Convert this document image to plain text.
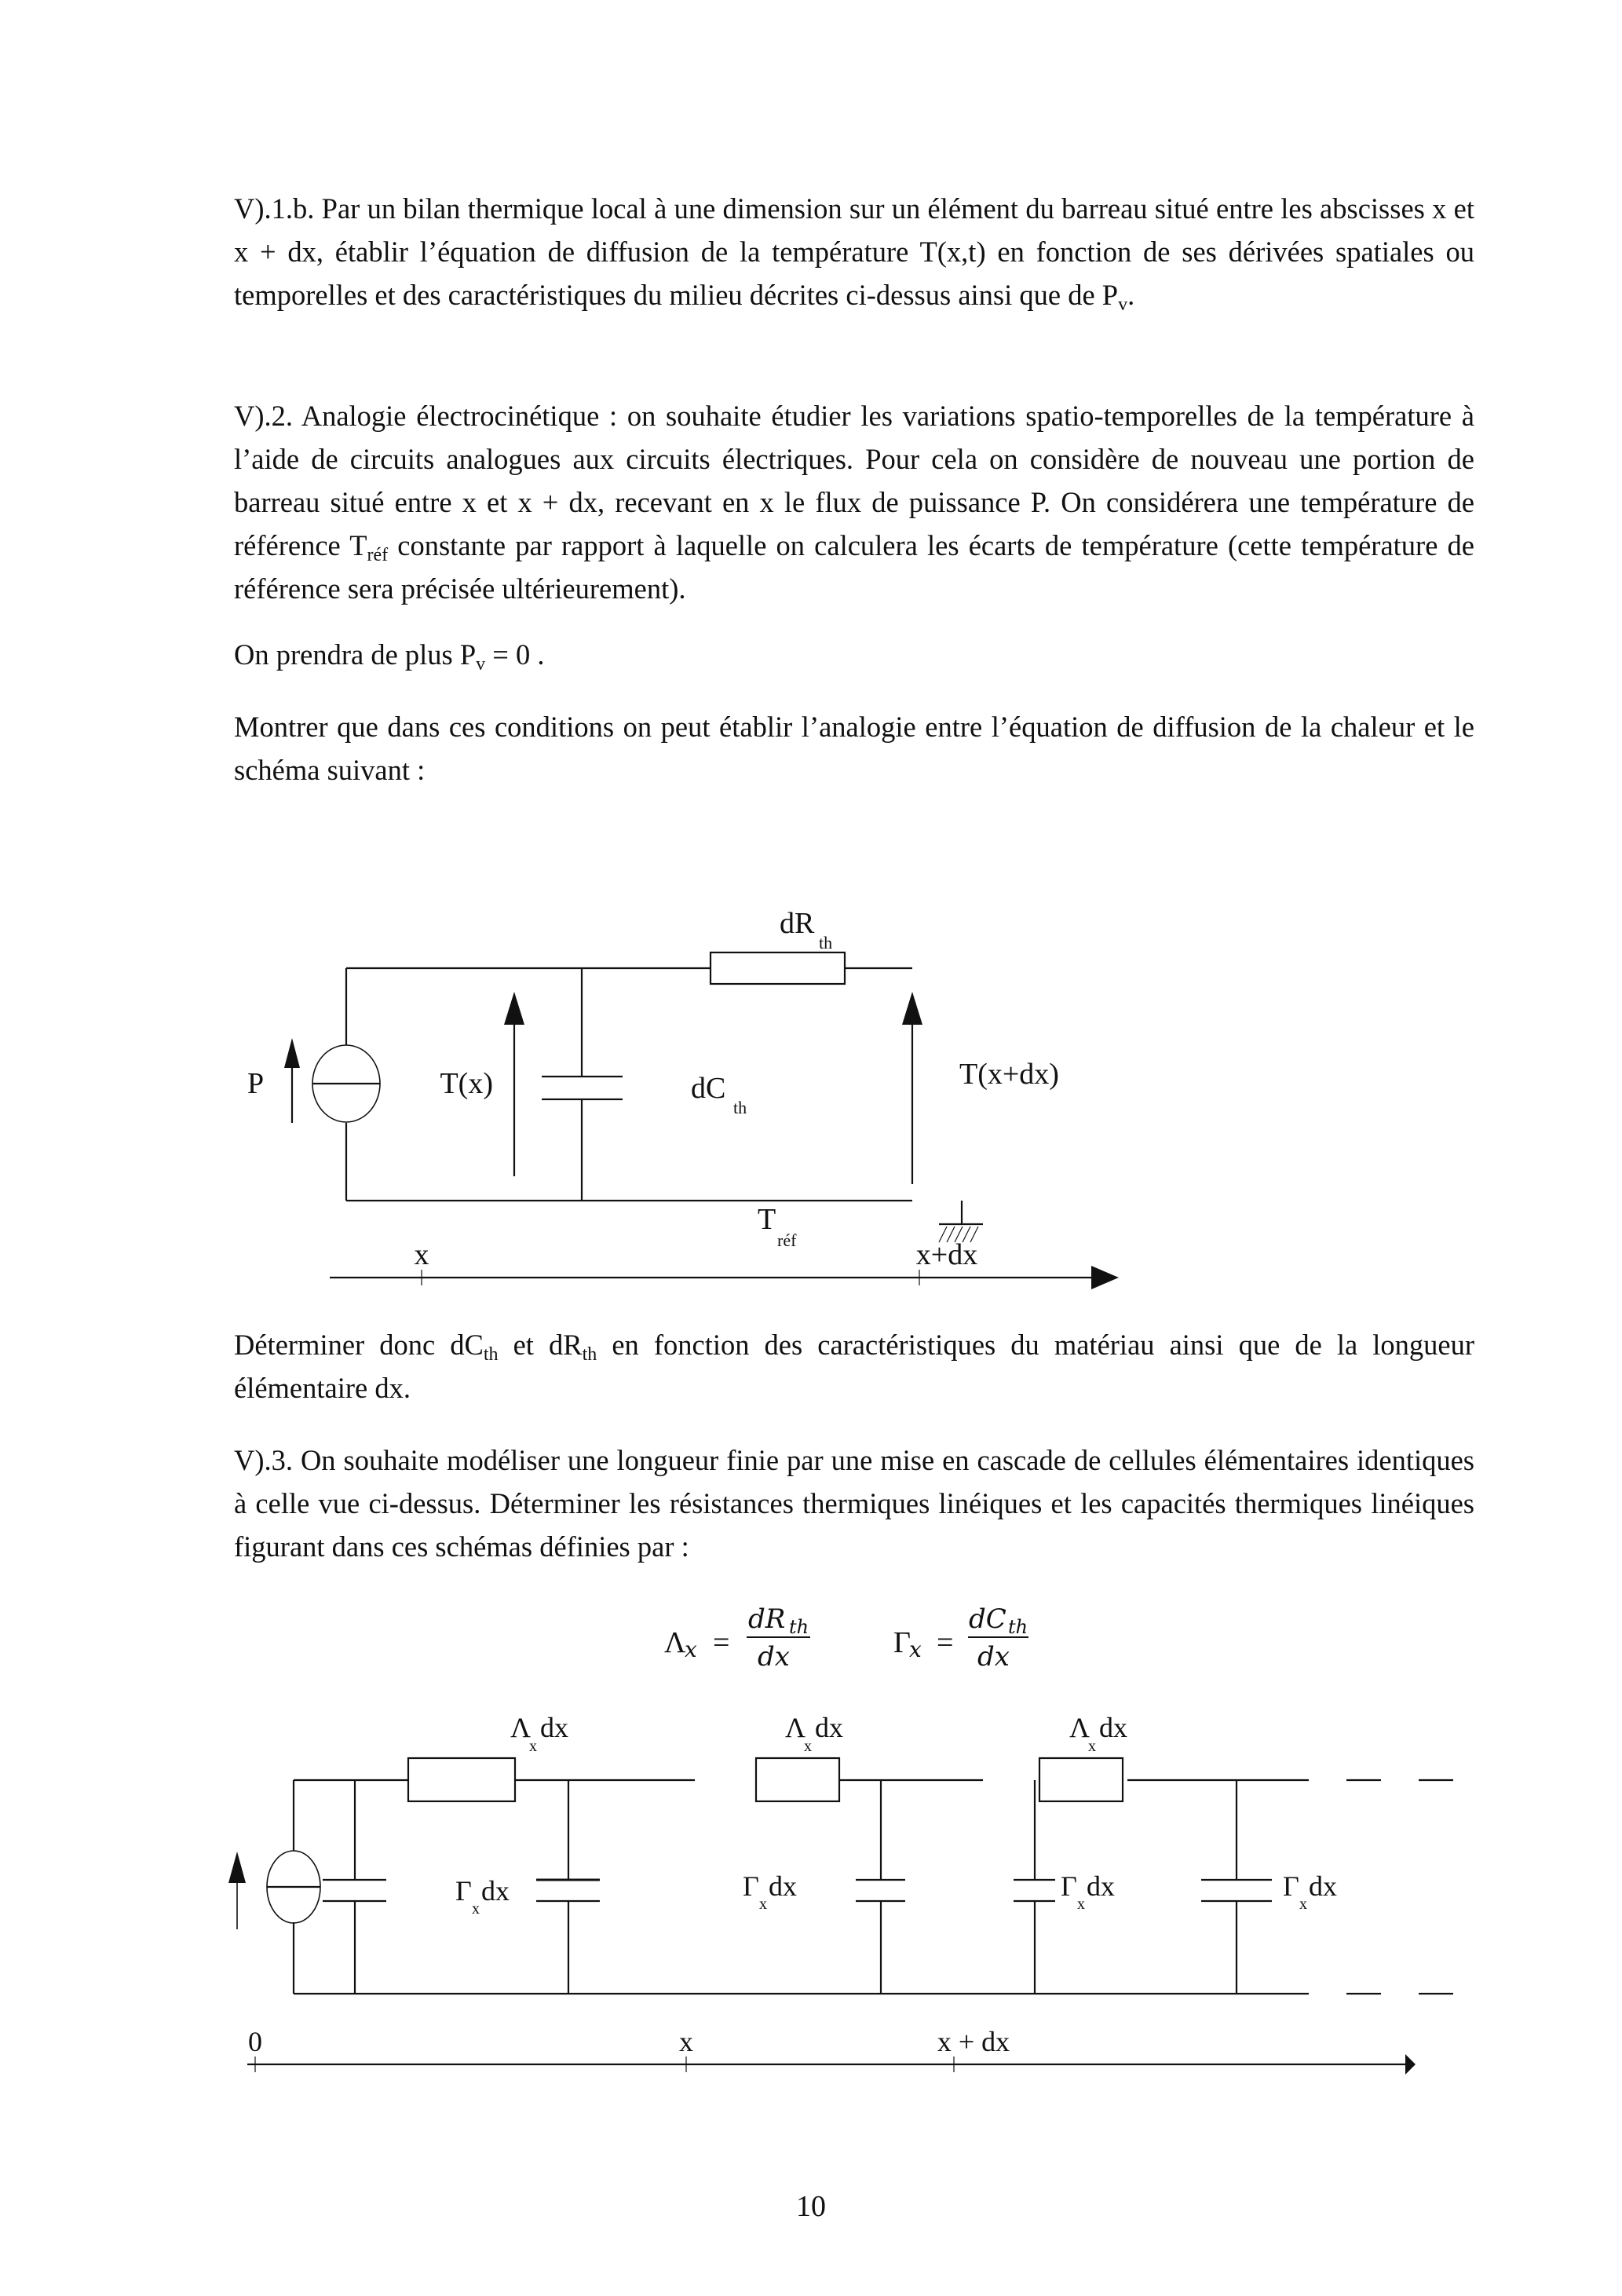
V).1.b. Par un bilan thermique local à une dimension sur un élément du barreau situé entre les abscisses x et x + dx, établir l’équation de diffusion de la température T(x,t) en fonction de ses dérivées spatiales ou temporelles et des caractéristiques du milieu décrites ci-dessus ainsi que de $P_v$.

V).2. Analogie électrocinétique : on souhaite étudier les variations spatio-temporelles de la température à l’aide de circuits analogues aux circuits électriques. Pour cela on considère de nouveau une portion de barreau situé entre x et x + dx, recevant en x le flux de puissance P. On considérera une température de référence $T_{réf}$ constante par rapport à laquelle on calculera les écarts de température (cette température de référence sera précisée ultérieurement).

On prendra de plus $P_v = 0$ .

Montrer que dans ces conditions on peut établir l’analogie entre l’équation de diffusion de la chaleur et le schéma suivant :

P	T(x)	dC
th
dR
th
T(x+dx)
T
réf
x	x+dx

Déterminer donc $dC_{th}$ et $dR_{th}$ en fonction des caractéristiques du matériau ainsi que de la longueur élémentaire dx.

V).3. On souhaite modéliser une longueur finie par une mise en cascade de cellules élémentaires identiques à celle vue ci-dessus. Déterminer les résistances thermiques linéiques et les capacités thermiques linéiques figurant dans ces schémas définies par :

Λ
x =
dR th
dx	Γ
x =
dC th
dx
Λ
x
dx	Λ
x
dx	Λ
x
dx
Γ
x
dx	Γ
x
dx	Γ
x
dx	Γ
x
dx
0	x	x + dx
10
